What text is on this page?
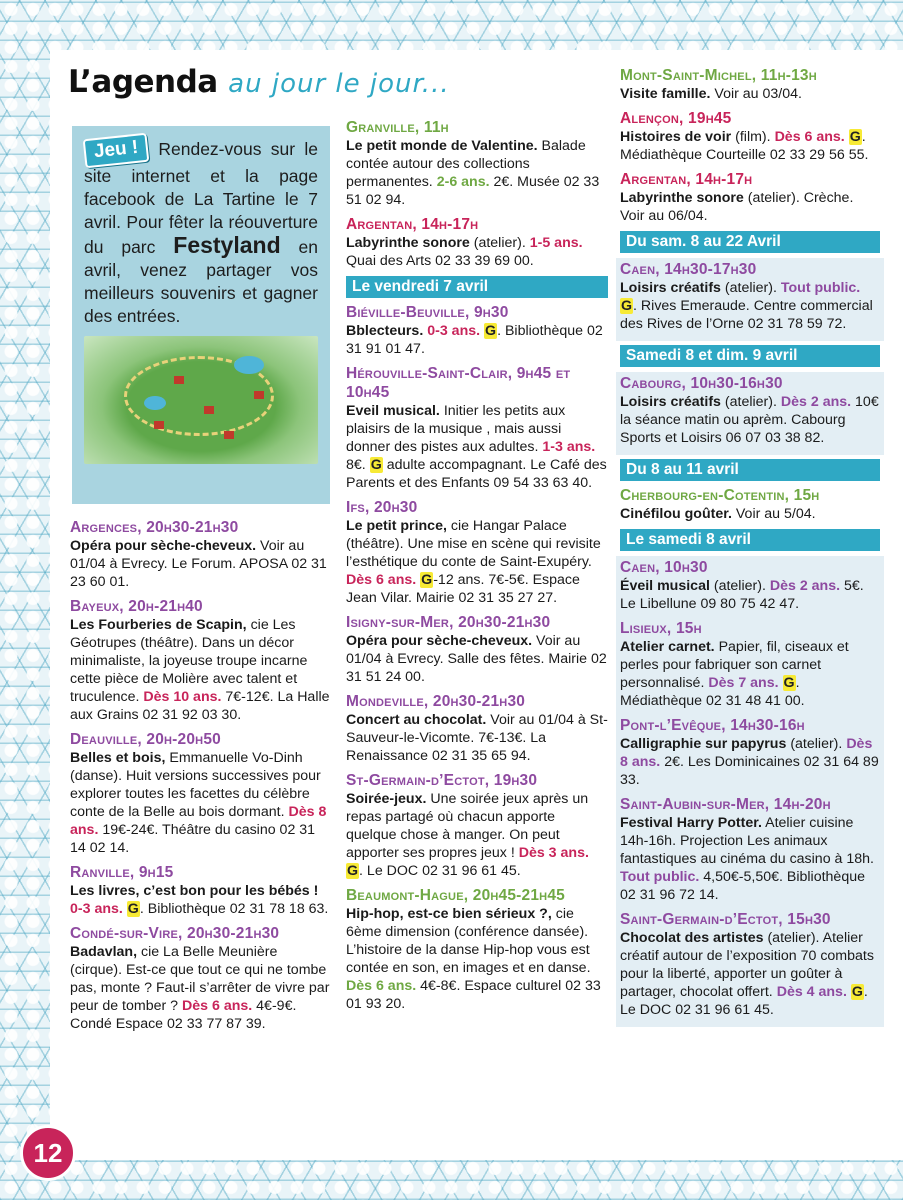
L’agenda au jour le jour...
Jeu ! Rendez-vous sur le site internet et la page facebook de La Tartine le 7 avril. Pour fêter la réouverture du parc Festyland en avril, venez partager vos meilleurs souvenirs et gagner des entrées.
Argences, 20h30-21h30
Opéra pour sèche-cheveux. Voir au 01/04 à Evrecy. Le Forum. APOSA 02 31 23 60 01.
Bayeux, 20h-21h40
Les Fourberies de Scapin, cie Les Géotrupes (théâtre). Dans un décor minimaliste, la joyeuse troupe incarne cette pièce de Molière avec talent et truculence. Dès 10 ans. 7€-12€. La Halle aux Grains 02 31 92 03 30.
Deauville, 20h-20h50
Belles et bois, Emmanuelle Vo-Dinh (danse). Huit versions successives pour explorer toutes les facettes du célèbre conte de la Belle au bois dormant. Dès 8 ans. 19€-24€. Théâtre du casino 02 31 14 02 14.
Ranville, 9h15
Les livres, c’est bon pour les bébés ! 0-3 ans. G. Bibliothèque 02 31 78 18 63.
Condé-sur-Vire, 20h30-21h30
Badavlan, cie La Belle Meunière (cirque). Est-ce que tout ce qui ne tombe pas, monte ? Faut-il s’arrêter de vivre par peur de tomber ? Dès 6 ans. 4€-9€. Condé Espace 02 33 77 87 39.
Granville, 11h
Le petit monde de Valentine. Balade contée autour des collections permanentes. 2-6 ans. 2€. Musée 02 33 51 02 94.
Argentan, 14h-17h
Labyrinthe sonore (atelier). 1-5 ans. Quai des Arts 02 33 39 69 00.
Le vendredi 7 avril
Biéville-Beuville, 9h30
Bblecteurs. 0-3 ans. G. Bibliothèque 02 31 91 01 47.
Hérouville-Saint-Clair, 9h45 et 10h45
Eveil musical. Initier les petits aux plaisirs de la musique , mais aussi donner des pistes aux adultes. 1-3 ans. 8€. G adulte accompagnant. Le Café des Parents et des Enfants 09 54 33 63 40.
Ifs, 20h30
Le petit prince, cie Hangar Palace (théâtre). Une mise en scène qui revisite l’esthétique du conte de Saint-Exupéry. Dès 6 ans. G-12 ans. 7€-5€. Espace Jean Vilar. Mairie 02 31 35 27 27.
Isigny-sur-Mer, 20h30-21h30
Opéra pour sèche-cheveux. Voir au 01/04 à Evrecy. Salle des fêtes. Mairie 02 31 51 24 00.
Mondeville, 20h30-21h30
Concert au chocolat. Voir au 01/04 à St-Sauveur-le-Vicomte. 7€-13€. La Renaissance 02 31 35 65 94.
St-Germain-d’Ectot, 19h30
Soirée-jeux. Une soirée jeux après un repas partagé où chacun apporte quelque chose à manger. On peut apporter ses propres jeux ! Dès 3 ans. G. Le DOC 02 31 96 61 45.
Beaumont-Hague, 20h45-21h45
Hip-hop, est-ce bien sérieux ?, cie 6ème dimension (conférence dansée). L’histoire de la danse Hip-hop vous est contée en son, en images et en danse. Dès 6 ans. 4€-8€. Espace culturel 02 33 01 93 20.
Mont-Saint-Michel, 11h-13h
Visite famille. Voir au 03/04.
Alençon, 19h45
Histoires de voir (film). Dès 6 ans. G. Médiathèque Courteille 02 33 29 56 55.
Argentan, 14h-17h
Labyrinthe sonore (atelier). Crèche. Voir au 06/04.
Du sam. 8 au 22 Avril
Caen, 14h30-17h30
Loisirs créatifs (atelier). Tout public. G. Rives Emeraude. Centre commercial des Rives de l’Orne 02 31 78 59 72.
Samedi 8 et dim. 9 avril
Cabourg, 10h30-16h30
Loisirs créatifs (atelier). Dès 2 ans. 10€ la séance matin ou aprèm. Cabourg Sports et Loisirs 06 07 03 38 82.
Du 8 au 11 avril
Cherbourg-en-Cotentin, 15h
Cinéfilou goûter. Voir au 5/04.
Le samedi 8 avril
Caen, 10h30
Éveil musical (atelier). Dès 2 ans. 5€. Le Libellune 09 80 75 42 47.
Lisieux, 15h
Atelier carnet. Papier, fil, ciseaux et perles pour fabriquer son carnet personnalisé. Dès 7 ans. G. Médiathèque 02 31 48 41 00.
Pont-l’Evêque, 14h30-16h
Calligraphie sur papyrus (atelier). Dès 8 ans. 2€. Les Dominicaines 02 31 64 89 33.
Saint-Aubin-sur-Mer, 14h-20h
Festival Harry Potter. Atelier cuisine 14h-16h. Projection Les animaux fantastiques au cinéma du casino à 18h. Tout public. 4,50€-5,50€. Bibliothèque 02 31 96 72 14.
Saint-Germain-d’Ectot, 15h30
Chocolat des artistes (atelier). Atelier créatif autour de l’exposition 70 combats pour la liberté, apporter un goûter à partager, chocolat offert. Dès 4 ans. G. Le DOC 02 31 96 61 45.
12
